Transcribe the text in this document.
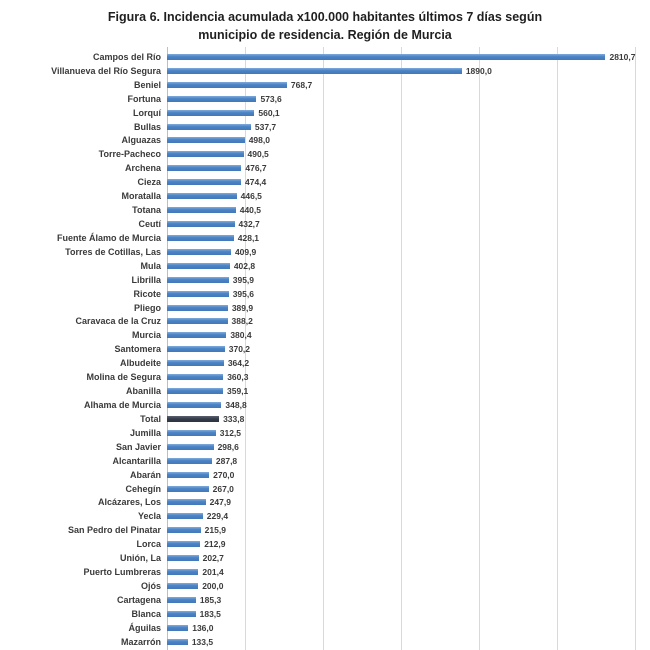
Figura 6. Incidencia acumulada x100.000 habitantes últimos 7 días según
municipio de residencia. Región de Murcia
Campos del Río	2810,7
Villanueva del Río Segura	1890,0
Beniel	768,7
Fortuna	573,6
Lorquí	560,1
Bullas	537,7
Alguazas	498,0
Torre-Pacheco	490,5
Archena	476,7
Cieza	474,4
Moratalla	446,5
Totana	440,5
Ceutí	432,7
Fuente Álamo de Murcia	428,1
Torres de Cotillas, Las	409,9
Mula	402,8
Librilla	395,9
Ricote	395,6
Pliego	389,9
Caravaca de la Cruz	388,2
Murcia	380,4
Santomera	370,2
Albudeite	364,2
Molina de Segura	360,3
Abanilla	359,1
Alhama de Murcia	348,8
Total	333,8
Jumilla	312,5
San Javier	298,6
Alcantarilla	287,8
Abarán	270,0
Cehegín	267,0
Alcázares, Los	247,9
Yecla	229,4
San Pedro del Pinatar	215,9
Lorca	212,9
Unión, La	202,7
Puerto Lumbreras	201,4
Ojós	200,0
Cartagena	185,3
Blanca	183,5
Águilas	136,0
Mazarrón	133,5
